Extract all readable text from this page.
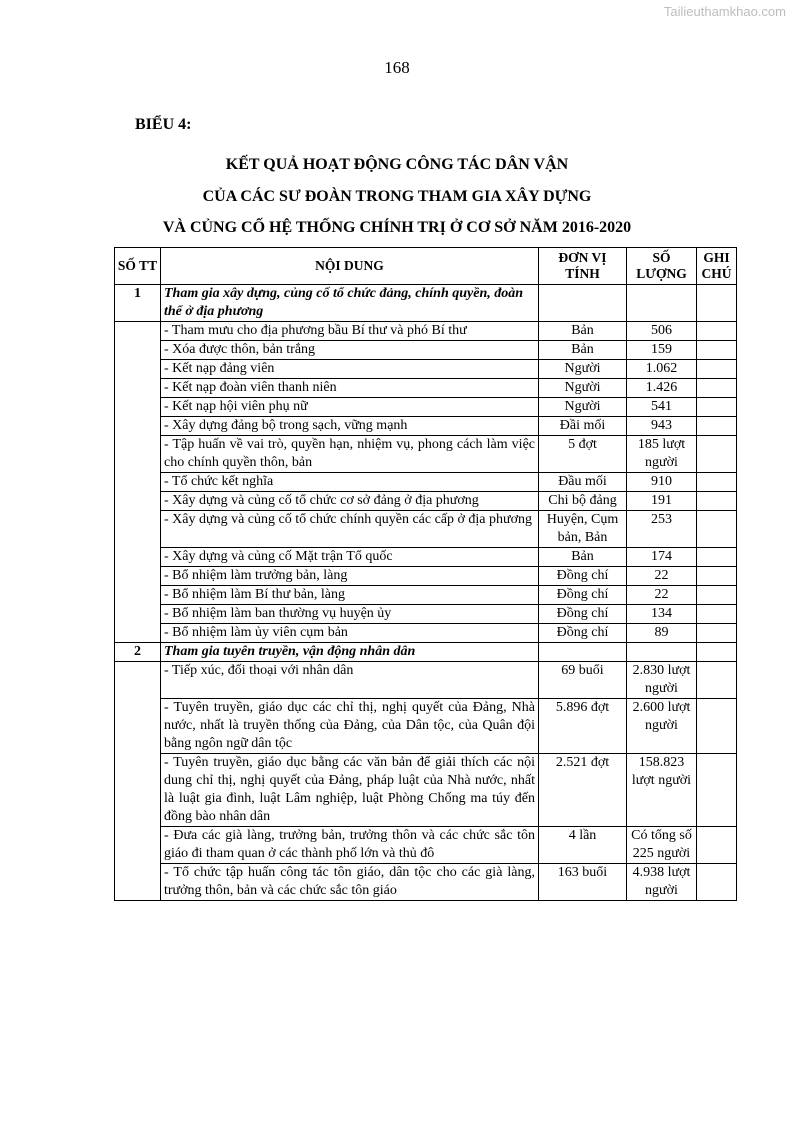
Tailieuthamkhao.com
168
BIỂU 4:
KẾT QUẢ HOẠT ĐỘNG CÔNG TÁC DÂN VẬN
CỦA CÁC SƯ ĐOÀN TRONG THAM GIA XÂY DỰNG
VÀ CỦNG CỐ HỆ THỐNG CHÍNH TRỊ Ở CƠ SỞ NĂM 2016-2020
SỐ TT	NỘI DUNG	ĐƠN VỊ TÍNH	SỐ LƯỢNG	GHI CHÚ
1	Tham gia xây dựng, củng cố tổ chức đảng, chính quyền, đoàn thể ở địa phương			
	- Tham mưu cho địa phương bầu Bí thư và phó Bí thư	Bản	506	
	- Xóa được thôn, bản trắng	Bản	159	
	- Kết nạp đảng viên	Người	1.062	
	- Kết nạp đoàn viên thanh niên	Người	1.426	
	- Kết nạp hội viên phụ nữ	Người	541	
	- Xây dựng đảng bộ trong sạch, vững mạnh	Đầi mối	943	
	- Tập huấn về vai trò, quyền hạn, nhiệm vụ, phong cách làm việc cho chính quyền thôn, bản	5 đợt	185 lượt người	
	- Tổ chức kết nghĩa	Đầu mối	910	
	- Xây dựng và củng cố tổ chức cơ sở đảng ở địa phương	Chi bộ đảng	191	
	- Xây dựng và củng cố tổ chức chính quyền các cấp ở địa phương	Huyện, Cụm bản, Bản	253	
	- Xây dựng và củng cố Mặt trận Tổ quốc	Bản	174	
	- Bổ nhiệm làm trưởng bản, làng	Đồng chí	22	
	- Bổ nhiệm làm Bí thư bản, làng	Đồng chí	22	
	- Bổ nhiệm làm ban thường vụ huyện ủy	Đồng chí	134	
	- Bổ nhiệm làm ủy viên cụm bản	Đồng chí	89	
2	Tham gia tuyên truyền, vận động nhân dân			
	- Tiếp xúc, đối thoại với nhân dân	69 buổi	2.830 lượt người	
	- Tuyên truyền, giáo dục các chỉ thị, nghị quyết của Đảng, Nhà nước, nhất là truyền thống của Đảng, của Dân tộc, của Quân đội bằng ngôn ngữ dân tộc	5.896 đợt	2.600 lượt người	
	- Tuyên truyền, giáo dục bằng các văn bản để giải thích các nội dung chỉ thị, nghị quyết của Đảng, pháp luật của Nhà nước, nhất là luật gia đình, luật Lâm nghiệp, luật Phòng Chống ma túy đến đồng bào nhân dân	2.521 đợt	158.823 lượt người	
	- Đưa các già làng, trưởng bản, trưởng thôn và các chức sắc tôn giáo đi tham quan ở các thành phố lớn và thủ đô	4 lần	Có tổng số 225 người	
	- Tổ chức tập huấn công tác tôn giáo, dân tộc cho các già làng, trưởng thôn, bản và các chức sắc tôn giáo	163 buổi	4.938 lượt người	
